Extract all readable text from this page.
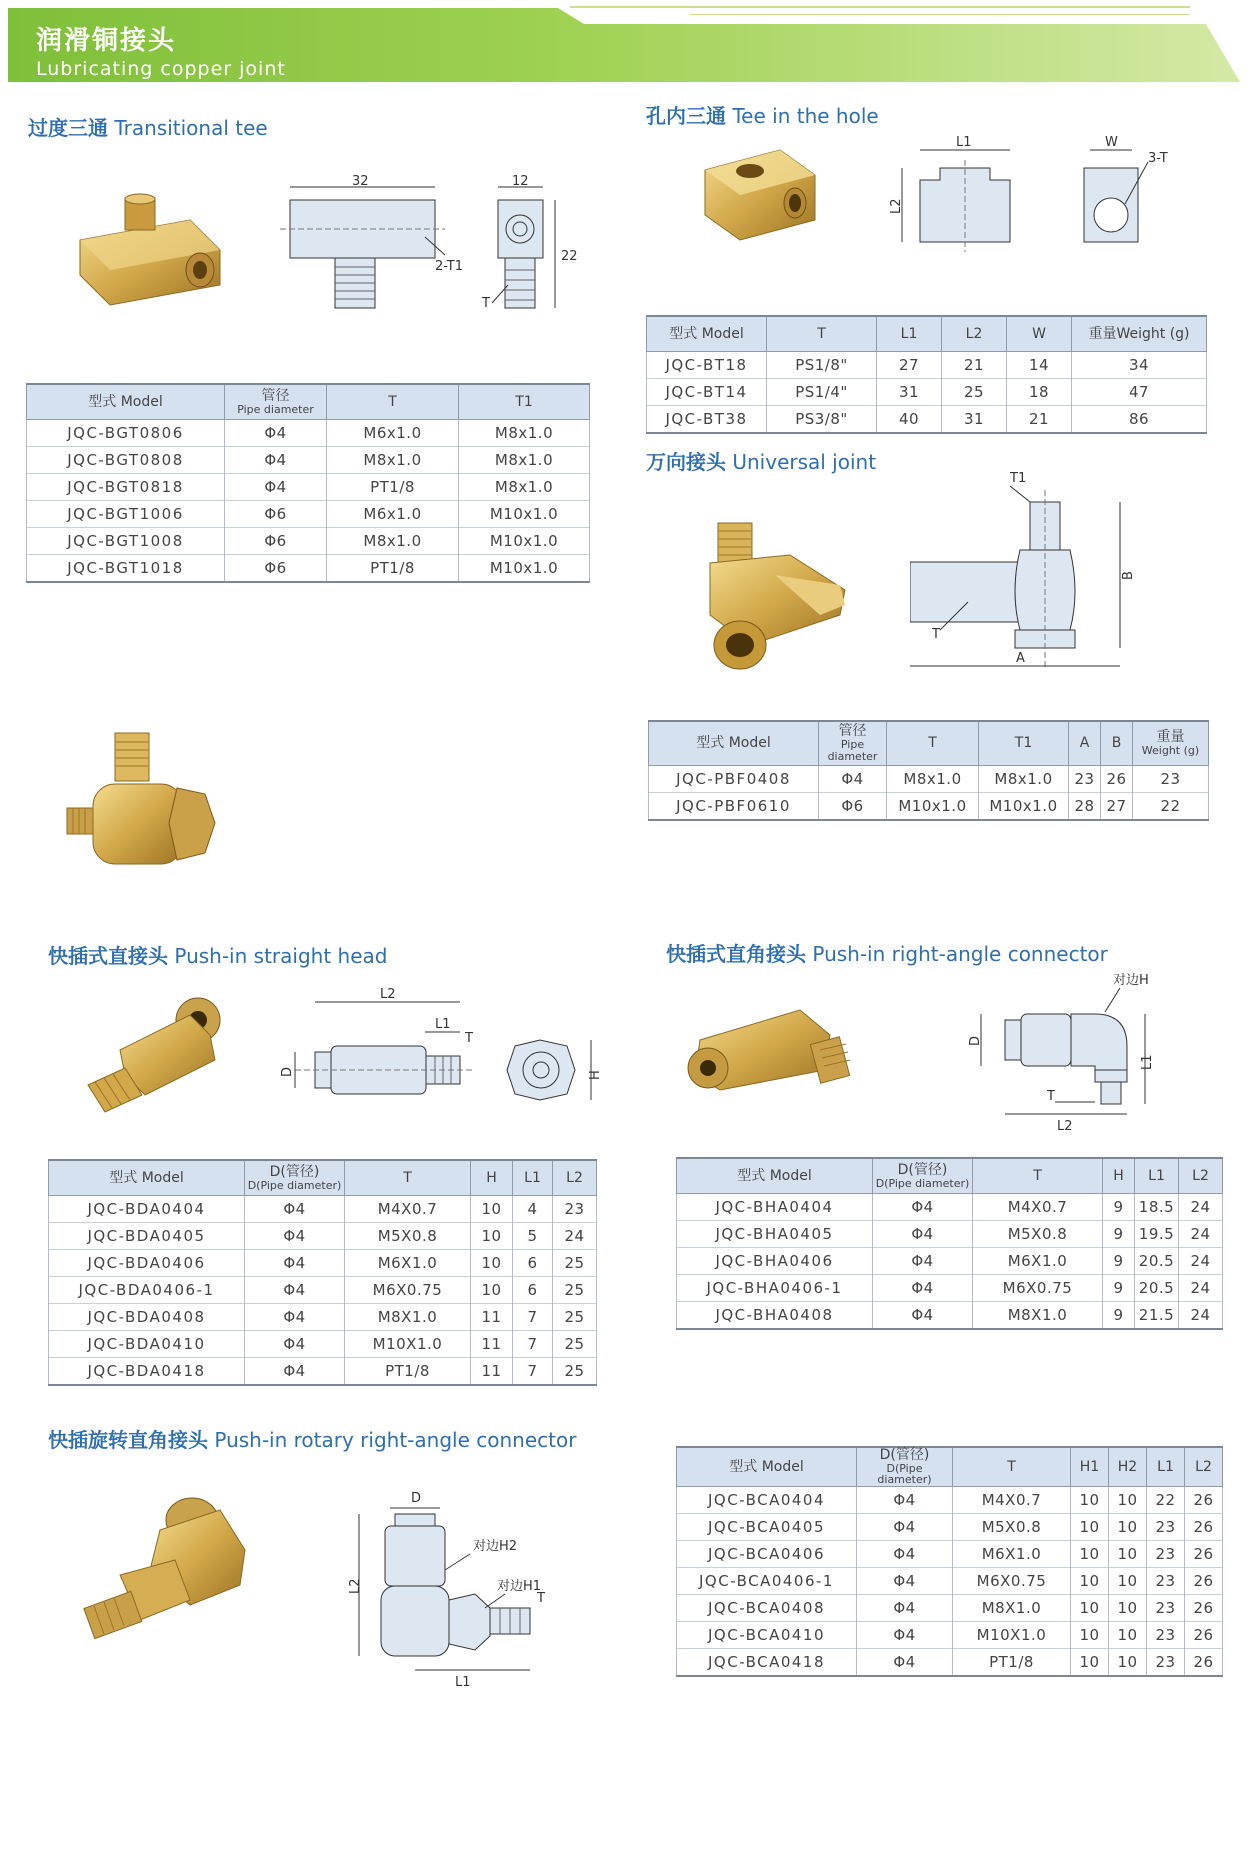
润滑铜接头
Lubricating copper joint
过度三通 Transitional tee
32
2-T1
12
22
T
型式 Model	管径
Pipe diameter	T	T1
JQC-BGT0806	Φ4	M6x1.0	M8x1.0
JQC-BGT0808	Φ4	M8x1.0	M8x1.0
JQC-BGT0818	Φ4	PT1/8	M8x1.0
JQC-BGT1006	Φ6	M6x1.0	M10x1.0
JQC-BGT1008	Φ6	M8x1.0	M10x1.0
JQC-BGT1018	Φ6	PT1/8	M10x1.0
孔内三通 Tee in the hole
L1
L2
W
3-T
型式 Model	T	L1	L2	W	重量Weight (g)
JQC-BT18	PS1/8"	27	21	14	34
JQC-BT14	PS1/4"	31	25	18	47
JQC-BT38	PS3/8"	40	31	21	86
万向接头 Universal joint
T1
B
A
T
型式 Model	管径
Pipe
diameter	T	T1	A	B	重量
Weight (g)

JQC-PBF0408	Φ4	M8x1.0	M8x1.0	23	26	23
JQC-PBF0610	Φ6	M10x1.0	M10x1.0	28	27	22
快插式直接头 Push-in straight head
L2
L1
T
D	H
型式 Model	D(管径)
D(Pipe diameter)	T	H	L1	L2
JQC-BDA0404	Φ4	M4X0.7	10	4	23
JQC-BDA0405	Φ4	M5X0.8	10	5	24
JQC-BDA0406	Φ4	M6X1.0	10	6	25
JQC-BDA0406-1	Φ4	M6X0.75	10	6	25
JQC-BDA0408	Φ4	M8X1.0	11	7	25
JQC-BDA0410	Φ4	M10X1.0	11	7	25
JQC-BDA0418	Φ4	PT1/8	11	7	25
快插式直角接头 Push-in right-angle connector
对边H
D
L1
T
L2
型式 Model	D(管径)
D(Pipe diameter)	T	H	L1	L2
JQC-BHA0404	Φ4	M4X0.7	9	18.5	24
JQC-BHA0405	Φ4	M5X0.8	9	19.5	24
JQC-BHA0406	Φ4	M6X1.0	9	20.5	24
JQC-BHA0406-1	Φ4	M6X0.75	9	20.5	24
JQC-BHA0408	Φ4	M8X1.0	9	21.5	24
快插旋转直角接头 Push-in rotary right-angle connector
D
对边H2
对边H1
T
L2
L1
型式 Model	D(管径)
D(Pipe diameter)	T	H1	H2	L1	L2
JQC-BCA0404	Φ4	M4X0.7	10	10	22	26
JQC-BCA0405	Φ4	M5X0.8	10	10	23	26
JQC-BCA0406	Φ4	M6X1.0	10	10	23	26
JQC-BCA0406-1	Φ4	M6X0.75	10	10	23	26
JQC-BCA0408	Φ4	M8X1.0	10	10	23	26
JQC-BCA0410	Φ4	M10X1.0	10	10	23	26
JQC-BCA0418	Φ4	PT1/8	10	10	23	26
